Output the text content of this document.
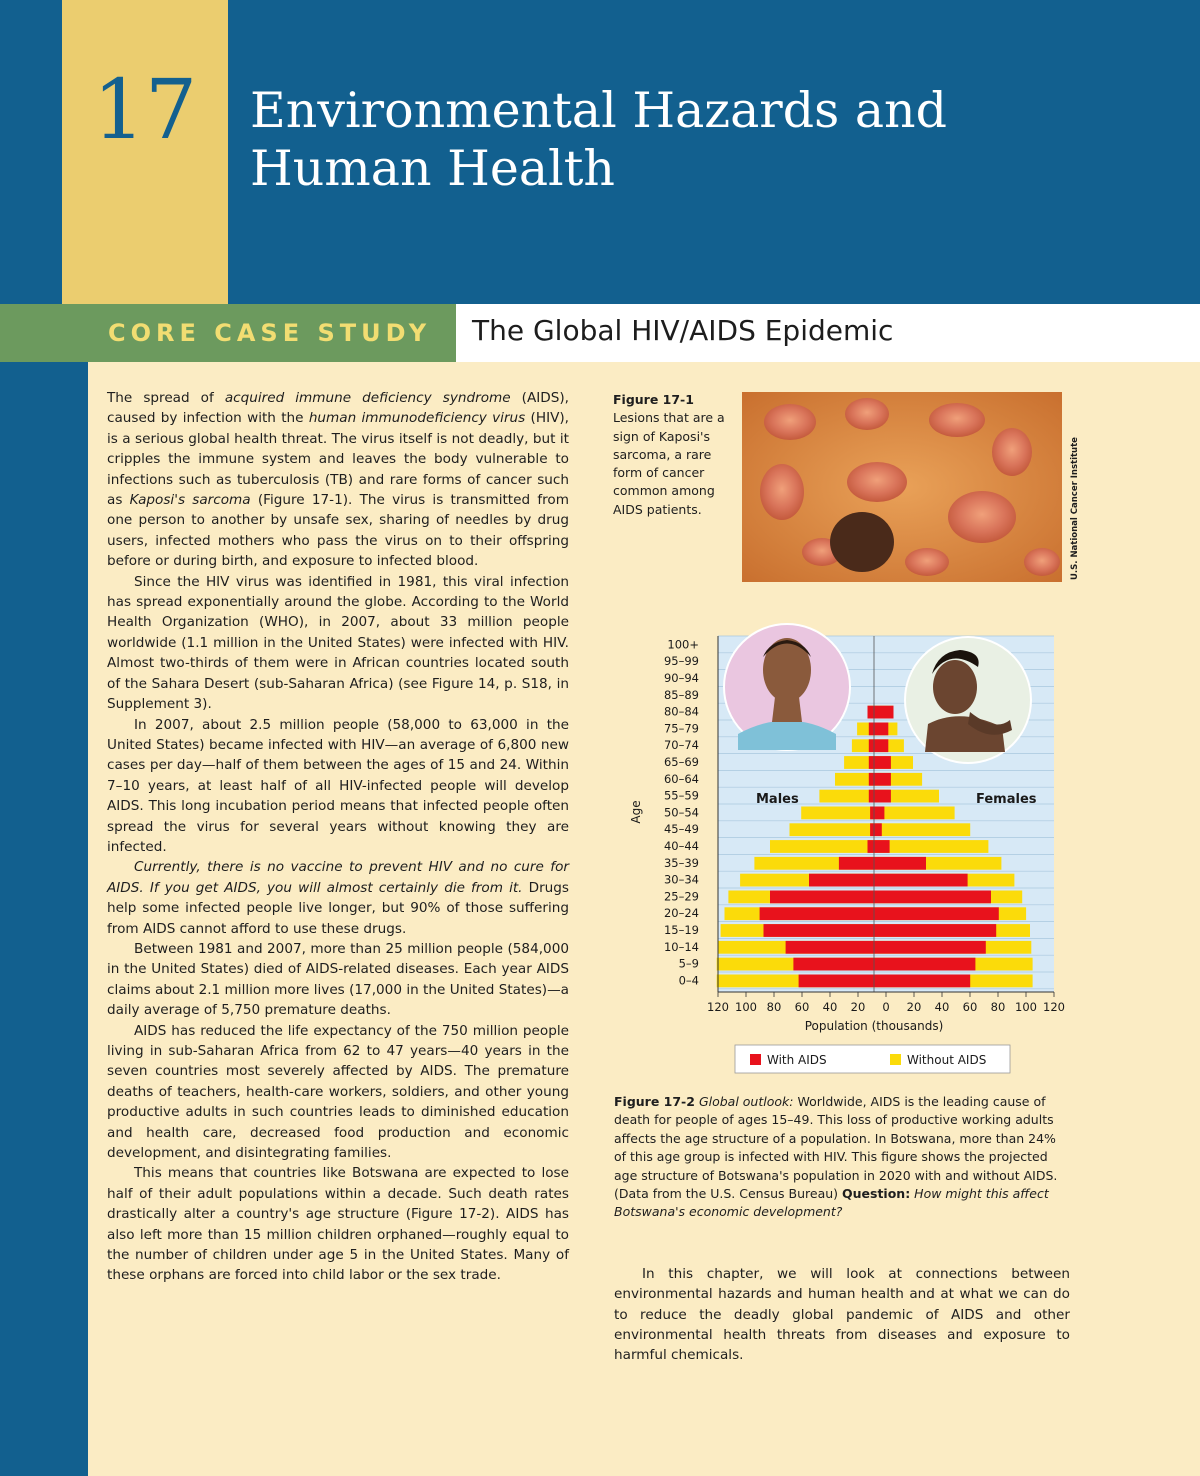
17	Environmental Hazards and
Human Health
CORE CASE STUDY The Global HIV/AIDS Epidemic

The spread of acquired immune deficiency syndrome (AIDS), caused by infection with the human immunodeficiency virus (HIV), is a serious global health threat. The virus itself is not deadly, but it cripples the immune system and leaves the body vulnerable to infections such as tuberculosis (TB) and rare forms of cancer such as Kaposi's sarcoma (Figure 17-1). The virus is transmitted from one person to another by unsafe sex, sharing of needles by drug users, infected mothers who pass the virus on to their offspring before or during birth, and exposure to infected blood.

Since the HIV virus was identified in 1981, this viral infection has spread exponentially around the globe. According to the World Health Organization (WHO), in 2007, about 33 million people worldwide (1.1 million in the United States) were infected with HIV. Almost two-thirds of them were in African countries located south of the Sahara Desert (sub-Saharan Africa) (see Figure 14, p. S18, in Supplement 3).

In 2007, about 2.5 million people (58,000 to 63,000 in the United States) became infected with HIV—an average of 6,800 new cases per day—half of them between the ages of 15 and 24. Within 7–10 years, at least half of all HIV-infected people will develop AIDS. This long incubation period means that infected people often spread the virus for several years without knowing they are infected.

Currently, there is no vaccine to prevent HIV and no cure for AIDS. If you get AIDS, you will almost certainly die from it. Drugs help some infected people live longer, but 90% of those suffering from AIDS cannot afford to use these drugs.

Between 1981 and 2007, more than 25 million people (584,000 in the United States) died of AIDS-related diseases. Each year AIDS claims about 2.1 million more lives (17,000 in the United States)—a daily average of 5,750 premature deaths.

AIDS has reduced the life expectancy of the 750 million people living in sub-Saharan Africa from 62 to 47 years—40 years in the seven countries most severely affected by AIDS. The premature deaths of teachers, health-care workers, soldiers, and other young productive adults in such countries leads to diminished education and health care, decreased food production and economic development, and disintegrating families.

This means that countries like Botswana are expected to lose half of their adult populations within a decade. Such death rates drastically alter a country's age structure (Figure 17-2). AIDS has also left more than 15 million children orphaned—roughly equal to the number of children under age 5 in the United States. Many of these orphans are forced into child labor or the sex trade.

Figure 17-1
Lesions that are a sign of Kaposi's sarcoma, a rare form of cancer common among AIDS patients.	U.S. National Cancer Institute
100+
95–99
90–94
85–89
80–84
75–79
70–74
65–69
60–64
55–59
50–54
45–49
40–44
35–39
30–34
25–29
20–24
15–19
10–14
5–9
0–4
120 100 80 60 40 20 0 20 40 60 80 100 120
Males	Females
Age
Population (thousands)
With AIDS	Without AIDS
Figure 17-2 Global outlook: Worldwide, AIDS is the leading cause of death for people of ages 15–49. This loss of productive working adults affects the age structure of a population. In Botswana, more than 24% of this age group is infected with HIV. This figure shows the projected age structure of Botswana's population in 2020 with and without AIDS. (Data from the U.S. Census Bureau) Question: How might this affect Botswana's economic development?

In this chapter, we will look at connections between environmental hazards and human health and at what we can do to reduce the deadly global pandemic of AIDS and other environmental health threats from diseases and exposure to harmful chemicals.
